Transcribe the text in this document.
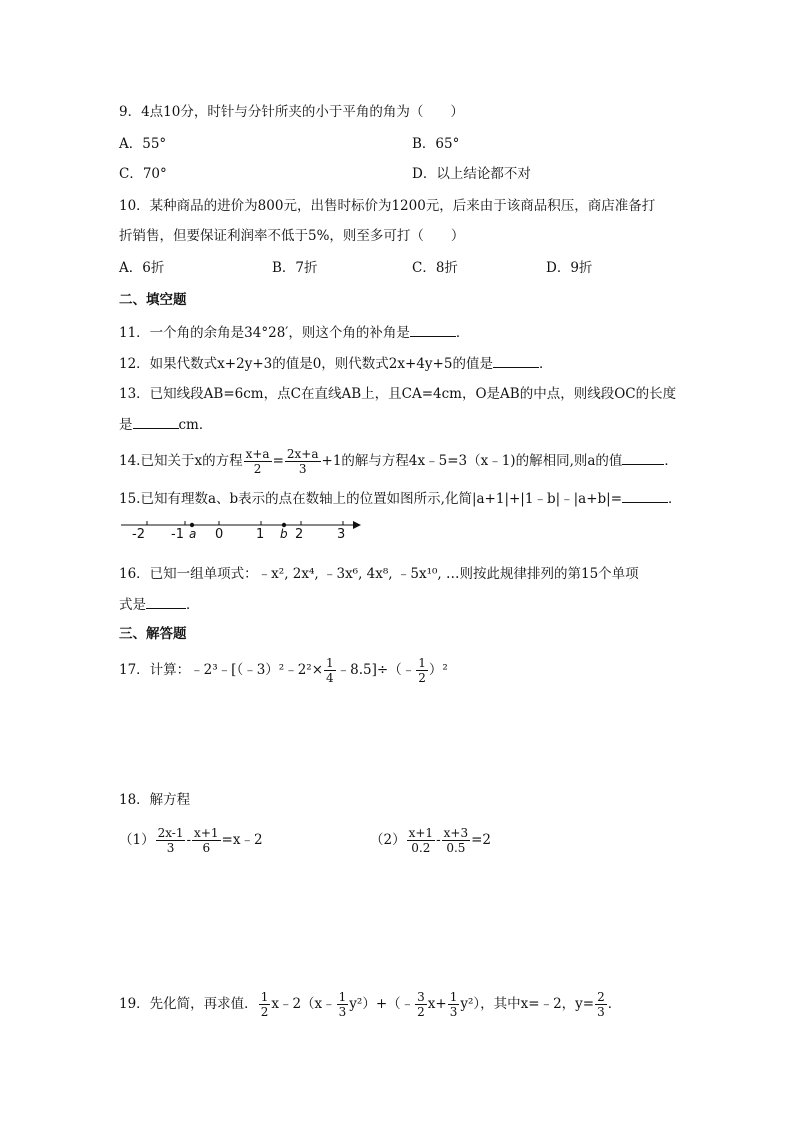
9．4点10分，时针与分针所夹的小于平角的角为（　　）
A．55°	B．65°
C．70°	D．以上结论都不对
10．某种商品的进价为800元，出售时标价为1200元，后来由于该商品积压，商店准备打
折销售，但要保证利润率不低于5%，则至多可打（　　）
A．6折	B．7折	C．8折	D．9折
二、填空题
11．一个角的余角是34°28′，则这个角的补角是	．
12．如果代数式x+2y+3的值是0，则代数式2x+4y+5的值是	．
13．已知线段AB=6cm，点C在直线AB上，且CA=4cm，O是AB的中点，则线段OC的长度
是	cm．
14.已知关于x的方程 $\frac{x+a}{2} = \frac{2x+a}{3} +1$的解与方程4x﹣5=3（x﹣1)的解相同,则a的值	．
15.已知有理数a、b表示的点在数轴上的位置如图所示,化简|a+1|+|1﹣b|﹣|a+b|=	．
-2 -1 a 0	1 b 2	3
16．已知一组单项式：﹣x², 2x⁴, ﹣3x⁶, 4x⁸, ﹣5x¹⁰, …则按此规律排列的第15个单项
式是	．
三、解答题
17．计算：﹣2³﹣[（﹣3）²﹣2²× $\frac{1}{4}$ ﹣8.5]÷（﹣ $\frac{1}{2} )^2$
18．解方程
$(1) \frac{2x-1}{3} - \frac{x+1}{6}$ =x﹣2	$(2) \frac{x+1}{0.2} - \frac{x+3}{0.5} =2$
19．先化简，再求值． $\frac{1}{2}$ x﹣2（x﹣ $\frac{1}{3}$ y²）+（﹣ $\frac{3}{2} x+ \frac{1}{3} y^2$），其中x=﹣2，$y= \frac{2}{3}$ ．
